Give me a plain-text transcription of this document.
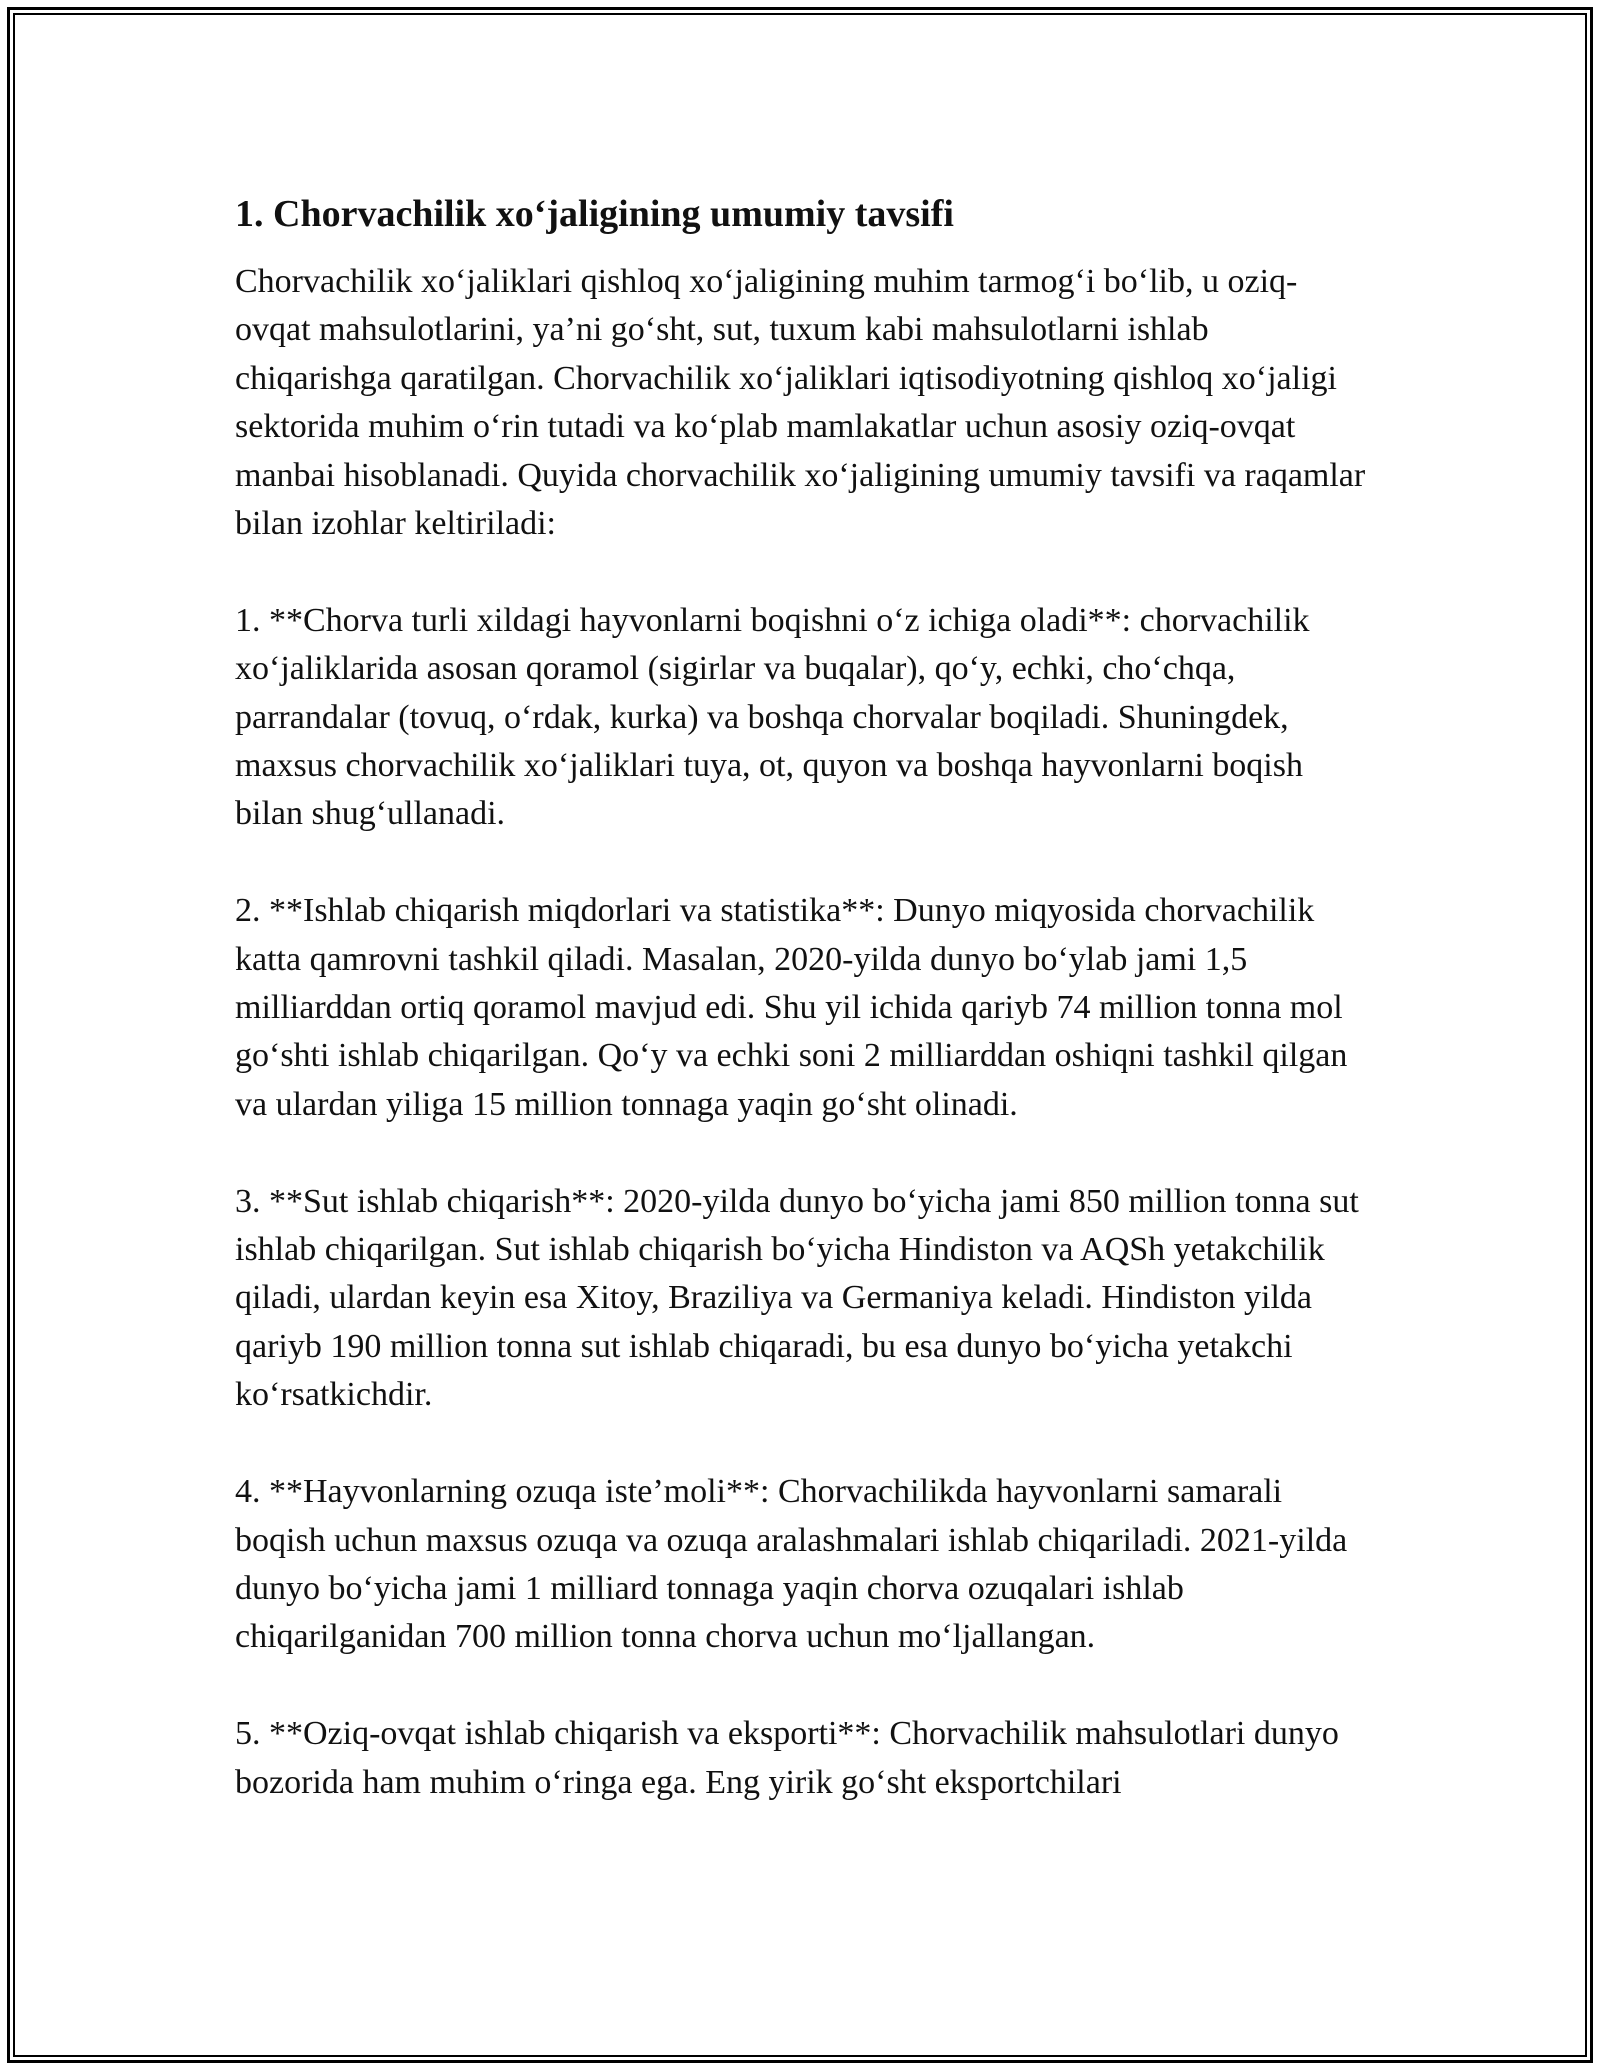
1. Chorvachilik xo‘jaligining umumiy tavsifi

Chorvachilik xo‘jaliklari qishloq xo‘jaligining muhim tarmog‘i bo‘lib, u oziq-ovqat mahsulotlarini, ya’ni go‘sht, sut, tuxum kabi mahsulotlarni ishlab chiqarishga qaratilgan. Chorvachilik xo‘jaliklari iqtisodiyotning qishloq xo‘jaligi sektorida muhim o‘rin tutadi va ko‘plab mamlakatlar uchun asosiy oziq-ovqat manbai hisoblanadi. Quyida chorvachilik xo‘jaligining umumiy tavsifi va raqamlar bilan izohlar keltiriladi:

1. **Chorva turli xildagi hayvonlarni boqishni o‘z ichiga oladi**: chorvachilik xo‘jaliklarida asosan qoramol (sigirlar va buqalar), qo‘y, echki, cho‘chqa, parrandalar (tovuq, o‘rdak, kurka) va boshqa chorvalar boqiladi. Shuningdek, maxsus chorvachilik xo‘jaliklari tuya, ot, quyon va boshqa hayvonlarni boqish bilan shug‘ullanadi.

2. **Ishlab chiqarish miqdorlari va statistika**: Dunyo miqyosida chorvachilik katta qamrovni tashkil qiladi. Masalan, 2020-yilda dunyo bo‘ylab jami 1,5 milliarddan ortiq qoramol mavjud edi. Shu yil ichida qariyb 74 million tonna mol go‘shti ishlab chiqarilgan. Qo‘y va echki soni 2 milliarddan oshiqni tashkil qilgan va ulardan yiliga 15 million tonnaga yaqin go‘sht olinadi.

3. **Sut ishlab chiqarish**: 2020-yilda dunyo bo‘yicha jami 850 million tonna sut ishlab chiqarilgan. Sut ishlab chiqarish bo‘yicha Hindiston va AQSh yetakchilik qiladi, ulardan keyin esa Xitoy, Braziliya va Germaniya keladi. Hindiston yilda qariyb 190 million tonna sut ishlab chiqaradi, bu esa dunyo bo‘yicha yetakchi ko‘rsatkichdir.

4. **Hayvonlarning ozuqa iste’moli**: Chorvachilikda hayvonlarni samarali boqish uchun maxsus ozuqa va ozuqa aralashmalari ishlab chiqariladi. 2021-yilda dunyo bo‘yicha jami 1 milliard tonnaga yaqin chorva ozuqalari ishlab chiqarilganidan 700 million tonna chorva uchun mo‘ljallangan.

5. **Oziq-ovqat ishlab chiqarish va eksporti**: Chorvachilik mahsulotlari dunyo bozorida ham muhim o‘ringa ega. Eng yirik go‘sht eksportchilari
